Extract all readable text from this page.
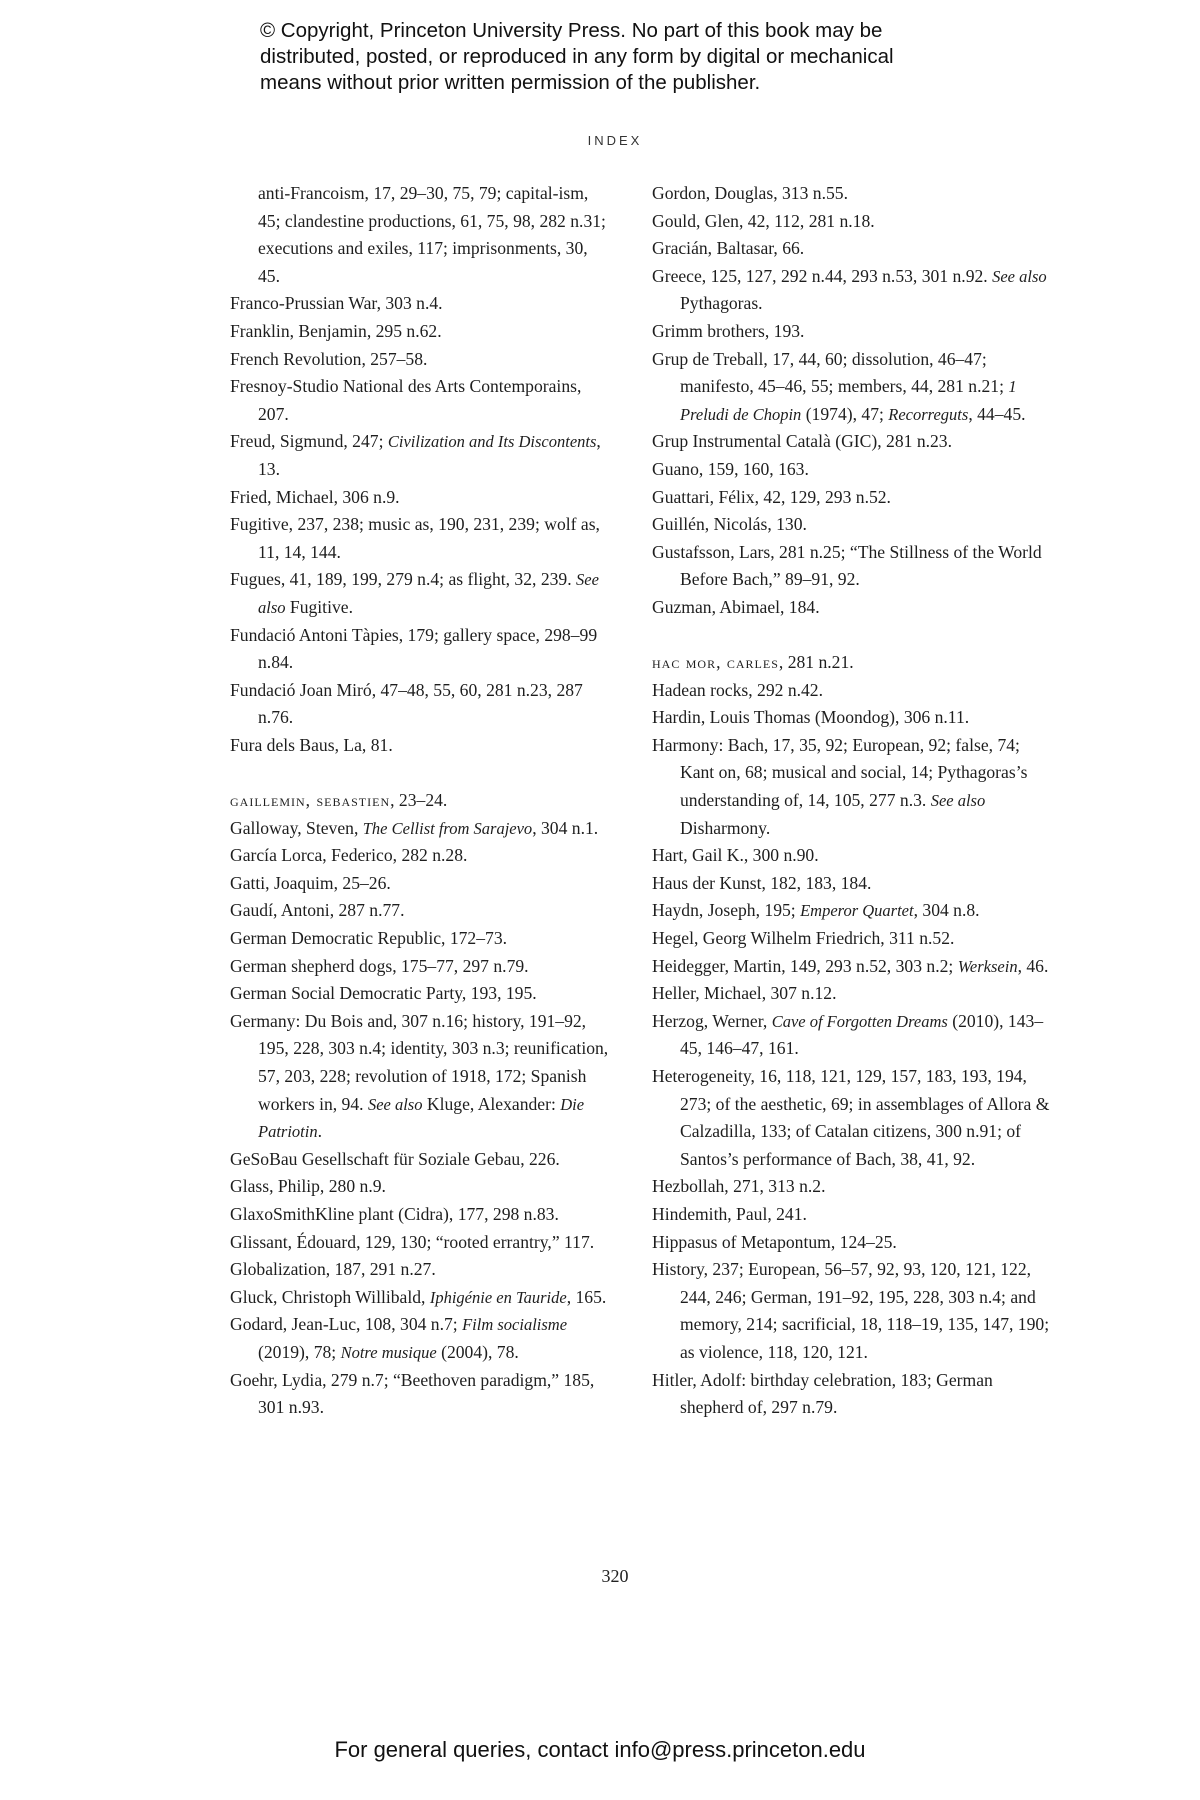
© Copyright, Princeton University Press. No part of this book may be
distributed, posted, or reproduced in any form by digital or mechanical
means without prior written permission of the publisher.
INDEX

anti-Francoism, 17, 29–30, 75, 79; capital-ism, 45; clandestine productions, 61, 75, 98, 282 n.31; executions and exiles, 117; imprisonments, 30, 45.

Franco-Prussian War, 303 n.4.

Franklin, Benjamin, 295 n.62.

French Revolution, 257–58.

Fresnoy-Studio National des Arts Contemporains, 207.

Freud, Sigmund, 247; Civilization and Its Discontents, 13.

Fried, Michael, 306 n.9.

Fugitive, 237, 238; music as, 190, 231, 239; wolf as, 11, 14, 144.

Fugues, 41, 189, 199, 279 n.4; as flight, 32, 239. See also Fugitive.

Fundació Antoni Tàpies, 179; gallery space, 298–99 n.84.

Fundació Joan Miró, 47–48, 55, 60, 281 n.23, 287 n.76.

Fura dels Baus, La, 81.

gaillemin, sebastien, 23–24.

Galloway, Steven, The Cellist from Sarajevo, 304 n.1.

García Lorca, Federico, 282 n.28.

Gatti, Joaquim, 25–26.

Gaudí, Antoni, 287 n.77.

German Democratic Republic, 172–73.

German shepherd dogs, 175–77, 297 n.79.

German Social Democratic Party, 193, 195.

Germany: Du Bois and, 307 n.16; history, 191–92, 195, 228, 303 n.4; identity, 303 n.3; reunification, 57, 203, 228; revolution of 1918, 172; Spanish workers in, 94. See also Kluge, Alexander: Die Patriotin.

GeSoBau Gesellschaft für Soziale Gebau, 226.

Glass, Philip, 280 n.9.

GlaxoSmithKline plant (Cidra), 177, 298 n.83.

Glissant, Édouard, 129, 130; “rooted errantry,” 117.

Globalization, 187, 291 n.27.

Gluck, Christoph Willibald, Iphigénie en Tauride, 165.

Godard, Jean-Luc, 108, 304 n.7; Film socialisme (2019), 78; Notre musique (2004), 78.

Goehr, Lydia, 279 n.7; “Beethoven paradigm,” 185, 301 n.93.

Gordon, Douglas, 313 n.55.

Gould, Glen, 42, 112, 281 n.18.

Gracián, Baltasar, 66.

Greece, 125, 127, 292 n.44, 293 n.53, 301 n.92. See also Pythagoras.

Grimm brothers, 193.

Grup de Treball, 17, 44, 60; dissolution, 46–47; manifesto, 45–46, 55; members, 44, 281 n.21; 1 Preludi de Chopin (1974), 47; Recorreguts, 44–45.

Grup Instrumental Català (GIC), 281 n.23.

Guano, 159, 160, 163.

Guattari, Félix, 42, 129, 293 n.52.

Guillén, Nicolás, 130.

Gustafsson, Lars, 281 n.25; “The Stillness of the World Before Bach,” 89–91, 92.

Guzman, Abimael, 184.

hac mor, carles, 281 n.21.

Hadean rocks, 292 n.42.

Hardin, Louis Thomas (Moondog), 306 n.11.

Harmony: Bach, 17, 35, 92; European, 92; false, 74; Kant on, 68; musical and social, 14; Pythagoras’s understanding of, 14, 105, 277 n.3. See also Disharmony.

Hart, Gail K., 300 n.90.

Haus der Kunst, 182, 183, 184.

Haydn, Joseph, 195; Emperor Quartet, 304 n.8.

Hegel, Georg Wilhelm Friedrich, 311 n.52.

Heidegger, Martin, 149, 293 n.52, 303 n.2; Werksein, 46.

Heller, Michael, 307 n.12.

Herzog, Werner, Cave of Forgotten Dreams (2010), 143–45, 146–47, 161.

Heterogeneity, 16, 118, 121, 129, 157, 183, 193, 194, 273; of the aesthetic, 69; in assemblages of Allora & Calzadilla, 133; of Catalan citizens, 300 n.91; of Santos’s performance of Bach, 38, 41, 92.

Hezbollah, 271, 313 n.2.

Hindemith, Paul, 241.

Hippasus of Metapontum, 124–25.

History, 237; European, 56–57, 92, 93, 120, 121, 122, 244, 246; German, 191–92, 195, 228, 303 n.4; and memory, 214; sacrificial, 18, 118–19, 135, 147, 190; as violence, 118, 120, 121.

Hitler, Adolf: birthday celebration, 183; German shepherd of, 297 n.79.

320
For general queries, contact info@press.princeton.edu
